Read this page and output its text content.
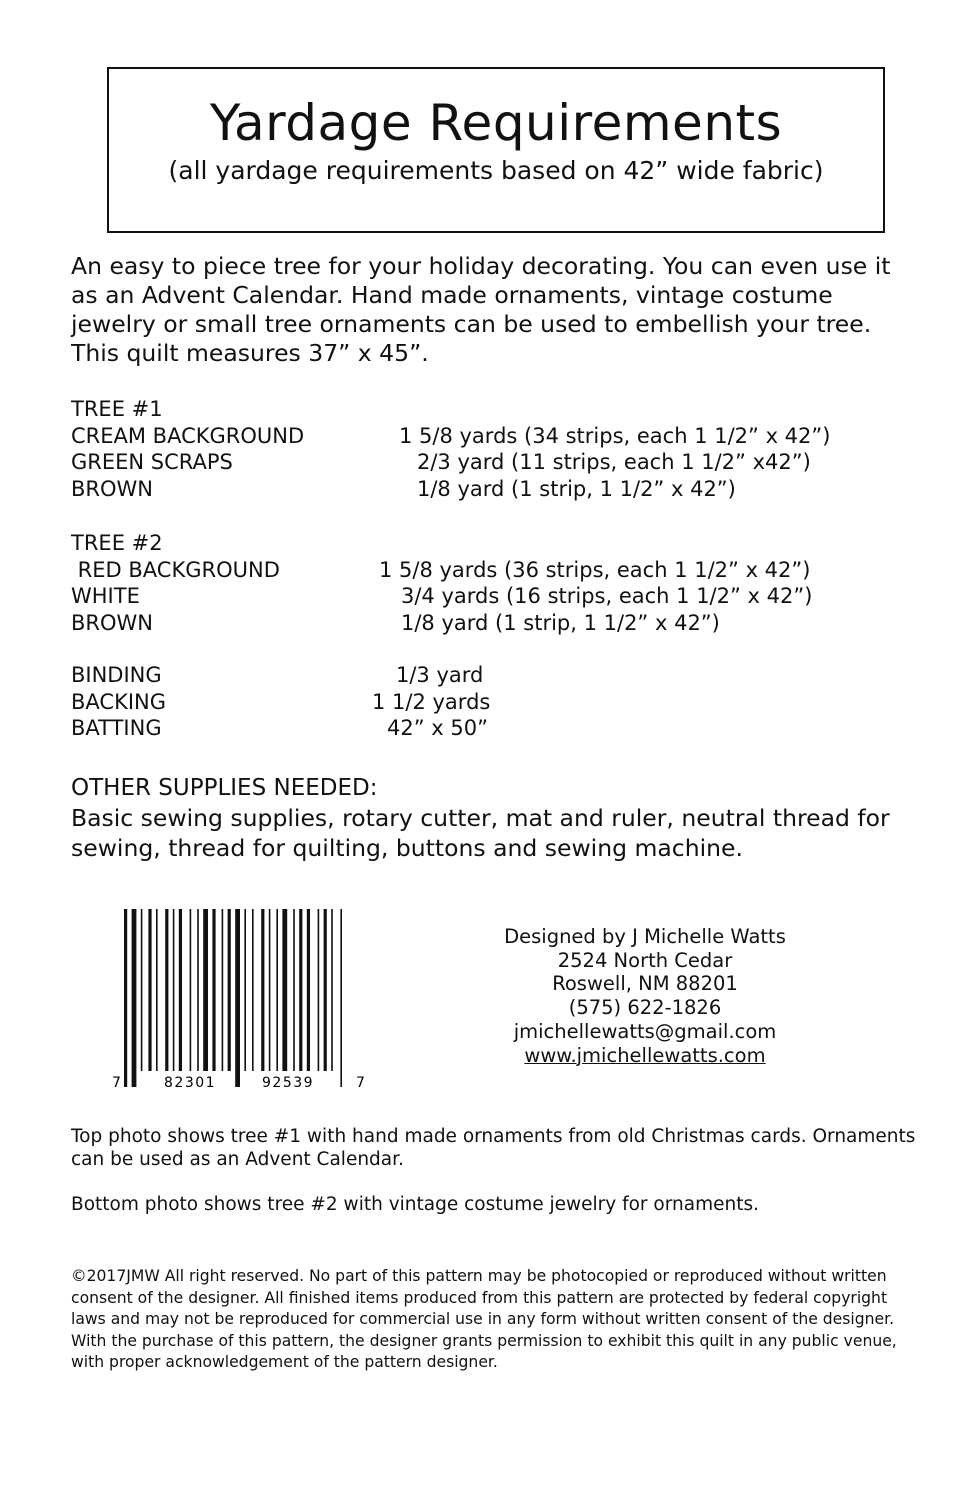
Yardage Requirements
(all yardage requirements based on 42” wide fabric)

An easy to piece tree for your holiday decorating. You can even use it as an Advent Calendar. Hand made ornaments, vintage costume jewelry or small tree ornaments can be used to embellish your tree. This quilt measures 37” x 45”.

TREE #1
CREAM BACKGROUND	1 5/8 yards (34 strips, each 1 1/2” x 42”)
GREEN SCRAPS	2/3 yard (11 strips, each 1 1/2” x42”)
BROWN	1/8 yard (1 strip, 1 1/2” x 42”)
TREE #2
RED BACKGROUND	1 5/8 yards (36 strips, each 1 1/2” x 42”)
WHITE	3/4 yards (16 strips, each 1 1/2” x 42”)
BROWN	1/8 yard (1 strip, 1 1/2” x 42”)
BINDING	1/3 yard
BACKING	1 1/2 yards
BATTING	42” x 50”
OTHER SUPPLIES NEEDED:

Basic sewing supplies, rotary cutter, mat and ruler, neutral thread for sewing, thread for quilting, buttons and sewing machine.

7	82301	92539	7
Designed by J Michelle Watts
2524 North Cedar
Roswell, NM 88201
(575) 622-1826
jmichellewatts@gmail.com
www.jmichellewatts.com

Top photo shows tree #1 with hand made ornaments from old Christmas cards. Ornaments can be used as an Advent Calendar.

Bottom photo shows tree #2 with vintage costume jewelry for ornaments.

©2017JMW All right reserved. No part of this pattern may be photocopied or reproduced without written consent of the designer. All finished items produced from this pattern are protected by federal copyright laws and may not be reproduced for commercial use in any form without written consent of the designer. With the purchase of this pattern, the designer grants permission to exhibit this quilt in any public venue, with proper acknowledgement of the pattern designer.
